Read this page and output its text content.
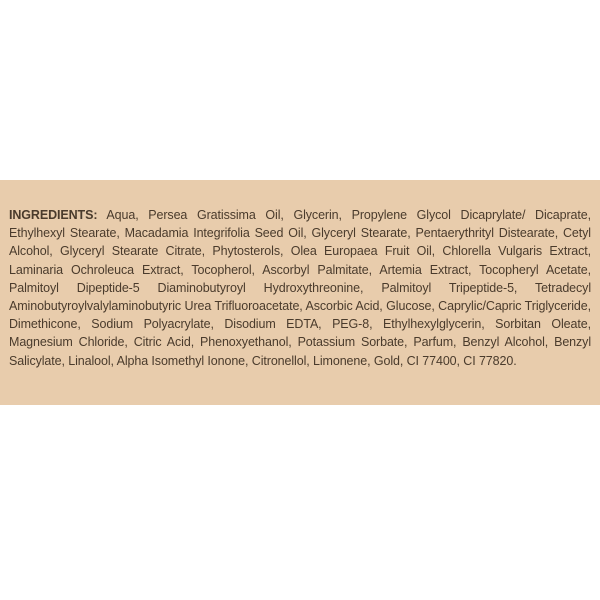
INGREDIENTS: Aqua, Persea Gratissima Oil, Glycerin, Propylene Glycol Dicaprylate/ Dicaprate, Ethylhexyl Stearate, Macadamia Integrifolia Seed Oil, Glyceryl Stearate, Pentaerythrityl Distearate, Cetyl Alcohol, Glyceryl Stearate Citrate, Phytosterols, Olea Europaea Fruit Oil, Chlorella Vulgaris Extract, Laminaria Ochroleuca Extract, Tocopherol, Ascorbyl Palmitate, Artemia Extract, Tocopheryl Acetate, Palmitoyl Dipeptide-5 Diaminobutyroyl Hydroxythreonine, Palmitoyl Tripeptide-5, Tetradecyl Aminobutyroylvalylaminobutyric Urea Trifluoroacetate, Ascorbic Acid, Glucose, Caprylic/Capric Triglyceride, Dimethicone, Sodium Polyacrylate, Disodium EDTA, PEG-8, Ethylhexylglycerin, Sorbitan Oleate, Magnesium Chloride, Citric Acid, Phenoxyethanol, Potassium Sorbate, Parfum, Benzyl Alcohol, Benzyl Salicylate, Linalool, Alpha Isomethyl Ionone, Citronellol, Limonene, Gold, CI 77400, CI 77820.
